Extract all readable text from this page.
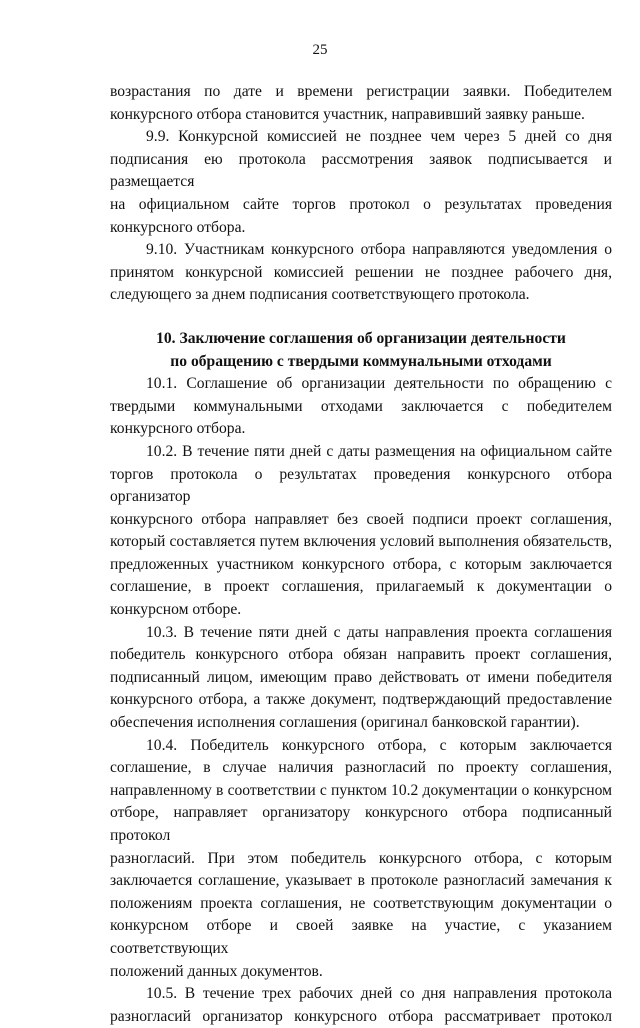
25
возрастания по дате и времени регистрации заявки. Победителем
конкурсного отбора становится участник, направивший заявку раньше.
9.9. Конкурсной комиссией не позднее чем через 5 дней со дня
подписания ею протокола рассмотрения заявок подписывается и размещается
на официальном сайте торгов протокол о результатах проведения
конкурсного отбора.
9.10. Участникам конкурсного отбора направляются уведомления о
принятом конкурсной комиссией решении не позднее рабочего дня,
следующего за днем подписания соответствующего протокола.
10. Заключение соглашения об организации деятельности
по обращению с твердыми коммунальными отходами
10.1. Соглашение об организации деятельности по обращению с
твердыми коммунальными отходами заключается с победителем
конкурсного отбора.
10.2. В течение пяти дней с даты размещения на официальном сайте
торгов протокола о результатах проведения конкурсного отбора организатор
конкурсного отбора направляет без своей подписи проект соглашения,
который составляется путем включения условий выполнения обязательств,
предложенных участником конкурсного отбора, с которым заключается
соглашение, в проект соглашения, прилагаемый к документации о
конкурсном отборе.
10.3. В течение пяти дней с даты направления проекта соглашения
победитель конкурсного отбора обязан направить проект соглашения,
подписанный лицом, имеющим право действовать от имени победителя
конкурсного отбора, а также документ, подтверждающий предоставление
обеспечения исполнения соглашения (оригинал банковской гарантии).
10.4. Победитель конкурсного отбора, с которым заключается
соглашение, в случае наличия разногласий по проекту соглашения,
направленному в соответствии с пунктом 10.2 документации о конкурсном
отборе, направляет организатору конкурсного отбора подписанный протокол
разногласий. При этом победитель конкурсного отбора, с которым
заключается соглашение, указывает в протоколе разногласий замечания к
положениям проекта соглашения, не соответствующим документации о
конкурсном отборе и своей заявке на участие, с указанием соответствующих
положений данных документов.
10.5. В течение трех рабочих дней со дня направления протокола
разногласий организатор конкурсного отбора рассматривает протокол
